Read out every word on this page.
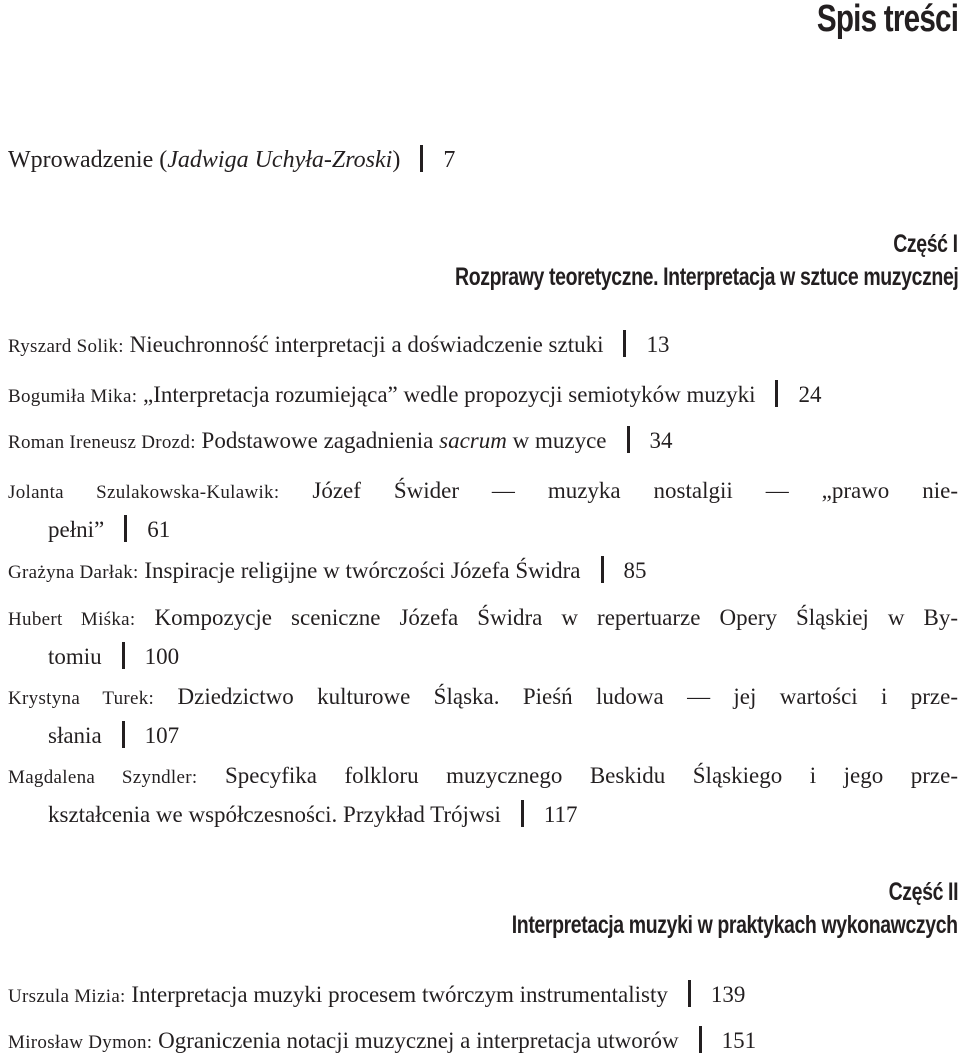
Spis treści
Wprowadzenie (Jadwiga Uchyła-Zroski) 7
Część I
Rozprawy teoretyczne. Interpretacja w sztuce muzycznej
Ryszard Solik: Nieuchronność interpretacji a doświadczenie sztuki 13
Bogumiła Mika: „Interpretacja rozumiejąca” wedle propozycji semiotyków muzyki 24
Roman Ireneusz Drozd: Podstawowe zagadnienia sacrum w muzyce 34
Jolanta Szulakowska-Kulawik: Józef Świder — muzyka nostalgii — „prawo nie-
pełni” 61
Grażyna Darłak: Inspiracje religijne w twórczości Józefa Świdra 85
Hubert Miśka: Kompozycje sceniczne Józefa Świdra w repertuarze Opery Śląskiej w By-
tomiu 100
Krystyna Turek: Dziedzictwo kulturowe Śląska. Pieśń ludowa — jej wartości i prze-
słania 107
Magdalena Szyndler: Specyfika folkloru muzycznego Beskidu Śląskiego i jego prze-
kształcenia we współczesności. Przykład Trójwsi 117
Część II
Interpretacja muzyki w praktykach wykonawczych
Urszula Mizia: Interpretacja muzyki procesem twórczym instrumentalisty 139
Mirosław Dymon: Ograniczenia notacji muzycznej a interpretacja utworów 151
